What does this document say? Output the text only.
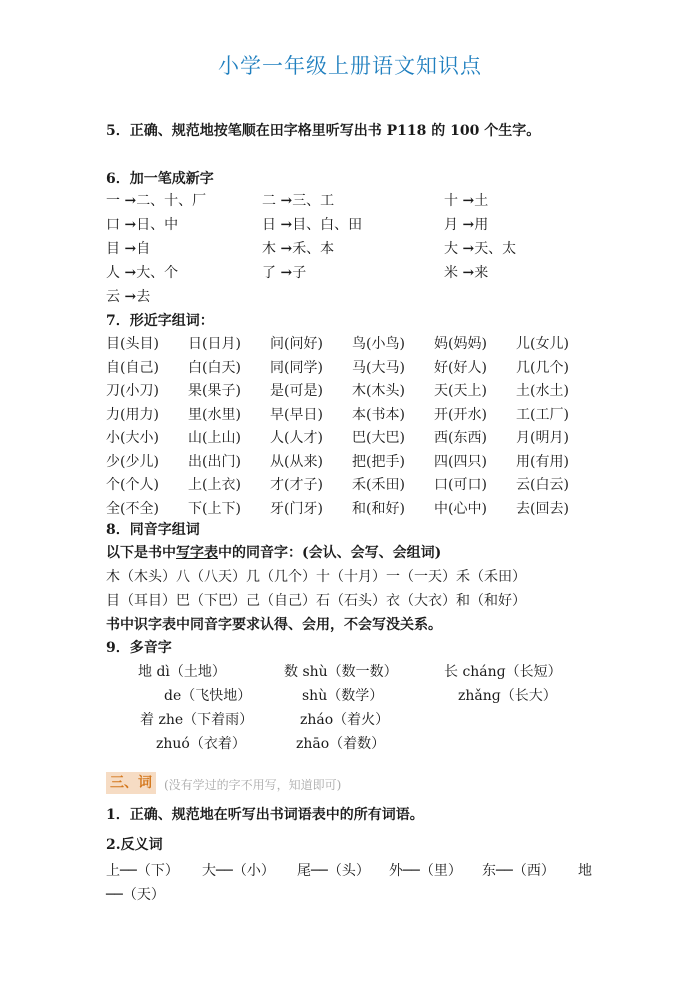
小学一年级上册语文知识点
5．正确、规范地按笔顺在田字格里听写出书 P118 的 100 个生字。
6．加一笔成新字
一 →二、十、厂	二 →三、工	十 →土
口 →日、中	日 →目、白、田	月 →用
目 →自	木 →禾、本	大 →天、太
人 →大、个	了 →子	米 →来
云 →去
7．形近字组词：
目(头目) 日(日月) 问(问好) 鸟(小鸟) 妈(妈妈) 儿(女儿)
自(自己) 白(白天) 同(同学) 马(大马) 好(好人) 几(几个)
刀(小刀) 果(果子) 是(可是) 木(木头) 天(天上) 土(水土)
力(用力) 里(水里) 早(早日) 本(书本) 开(开水) 工(工厂)
小(大小) 山(上山) 人(人才) 巴(大巴) 西(东西) 月(明月)
少(少儿) 出(出门) 从(从来) 把(把手) 四(四只) 用(有用)
个(个人) 上(上衣) 才(才子) 禾(禾田) 口(可口) 云(白云)
全(不全) 下(上下) 牙(门牙) 和(和好) 中(心中) 去(回去)
8．同音字组词
以下是书中写字表中的同音字：(会认、会写、会组词)
木（木头）八（八天）几（几个）十（十月）一（一天）禾（禾田）
目（耳目）巴（下巴）己（自己）石（石头）衣（大衣）和（和好）
书中识字表中同音字要求认得、会用，不会写没关系。
9．多音字
地 dì（土地）	数 shù（数一数）	长 chánɡ（长短）
de（飞快地）	shù（数学）	zhǎnɡ（长大）
着 zhe（下着雨）	zháo（着火）
zhuó（衣着）	zhāo（着数）
三、词	(没有学过的字不用写，知道即可)
1．正确、规范地在听写出书词语表中的所有词语。
2.反义词
上──（下） 大──（小） 尾──（头） 外──（里） 东──（西） 地
──（天）
